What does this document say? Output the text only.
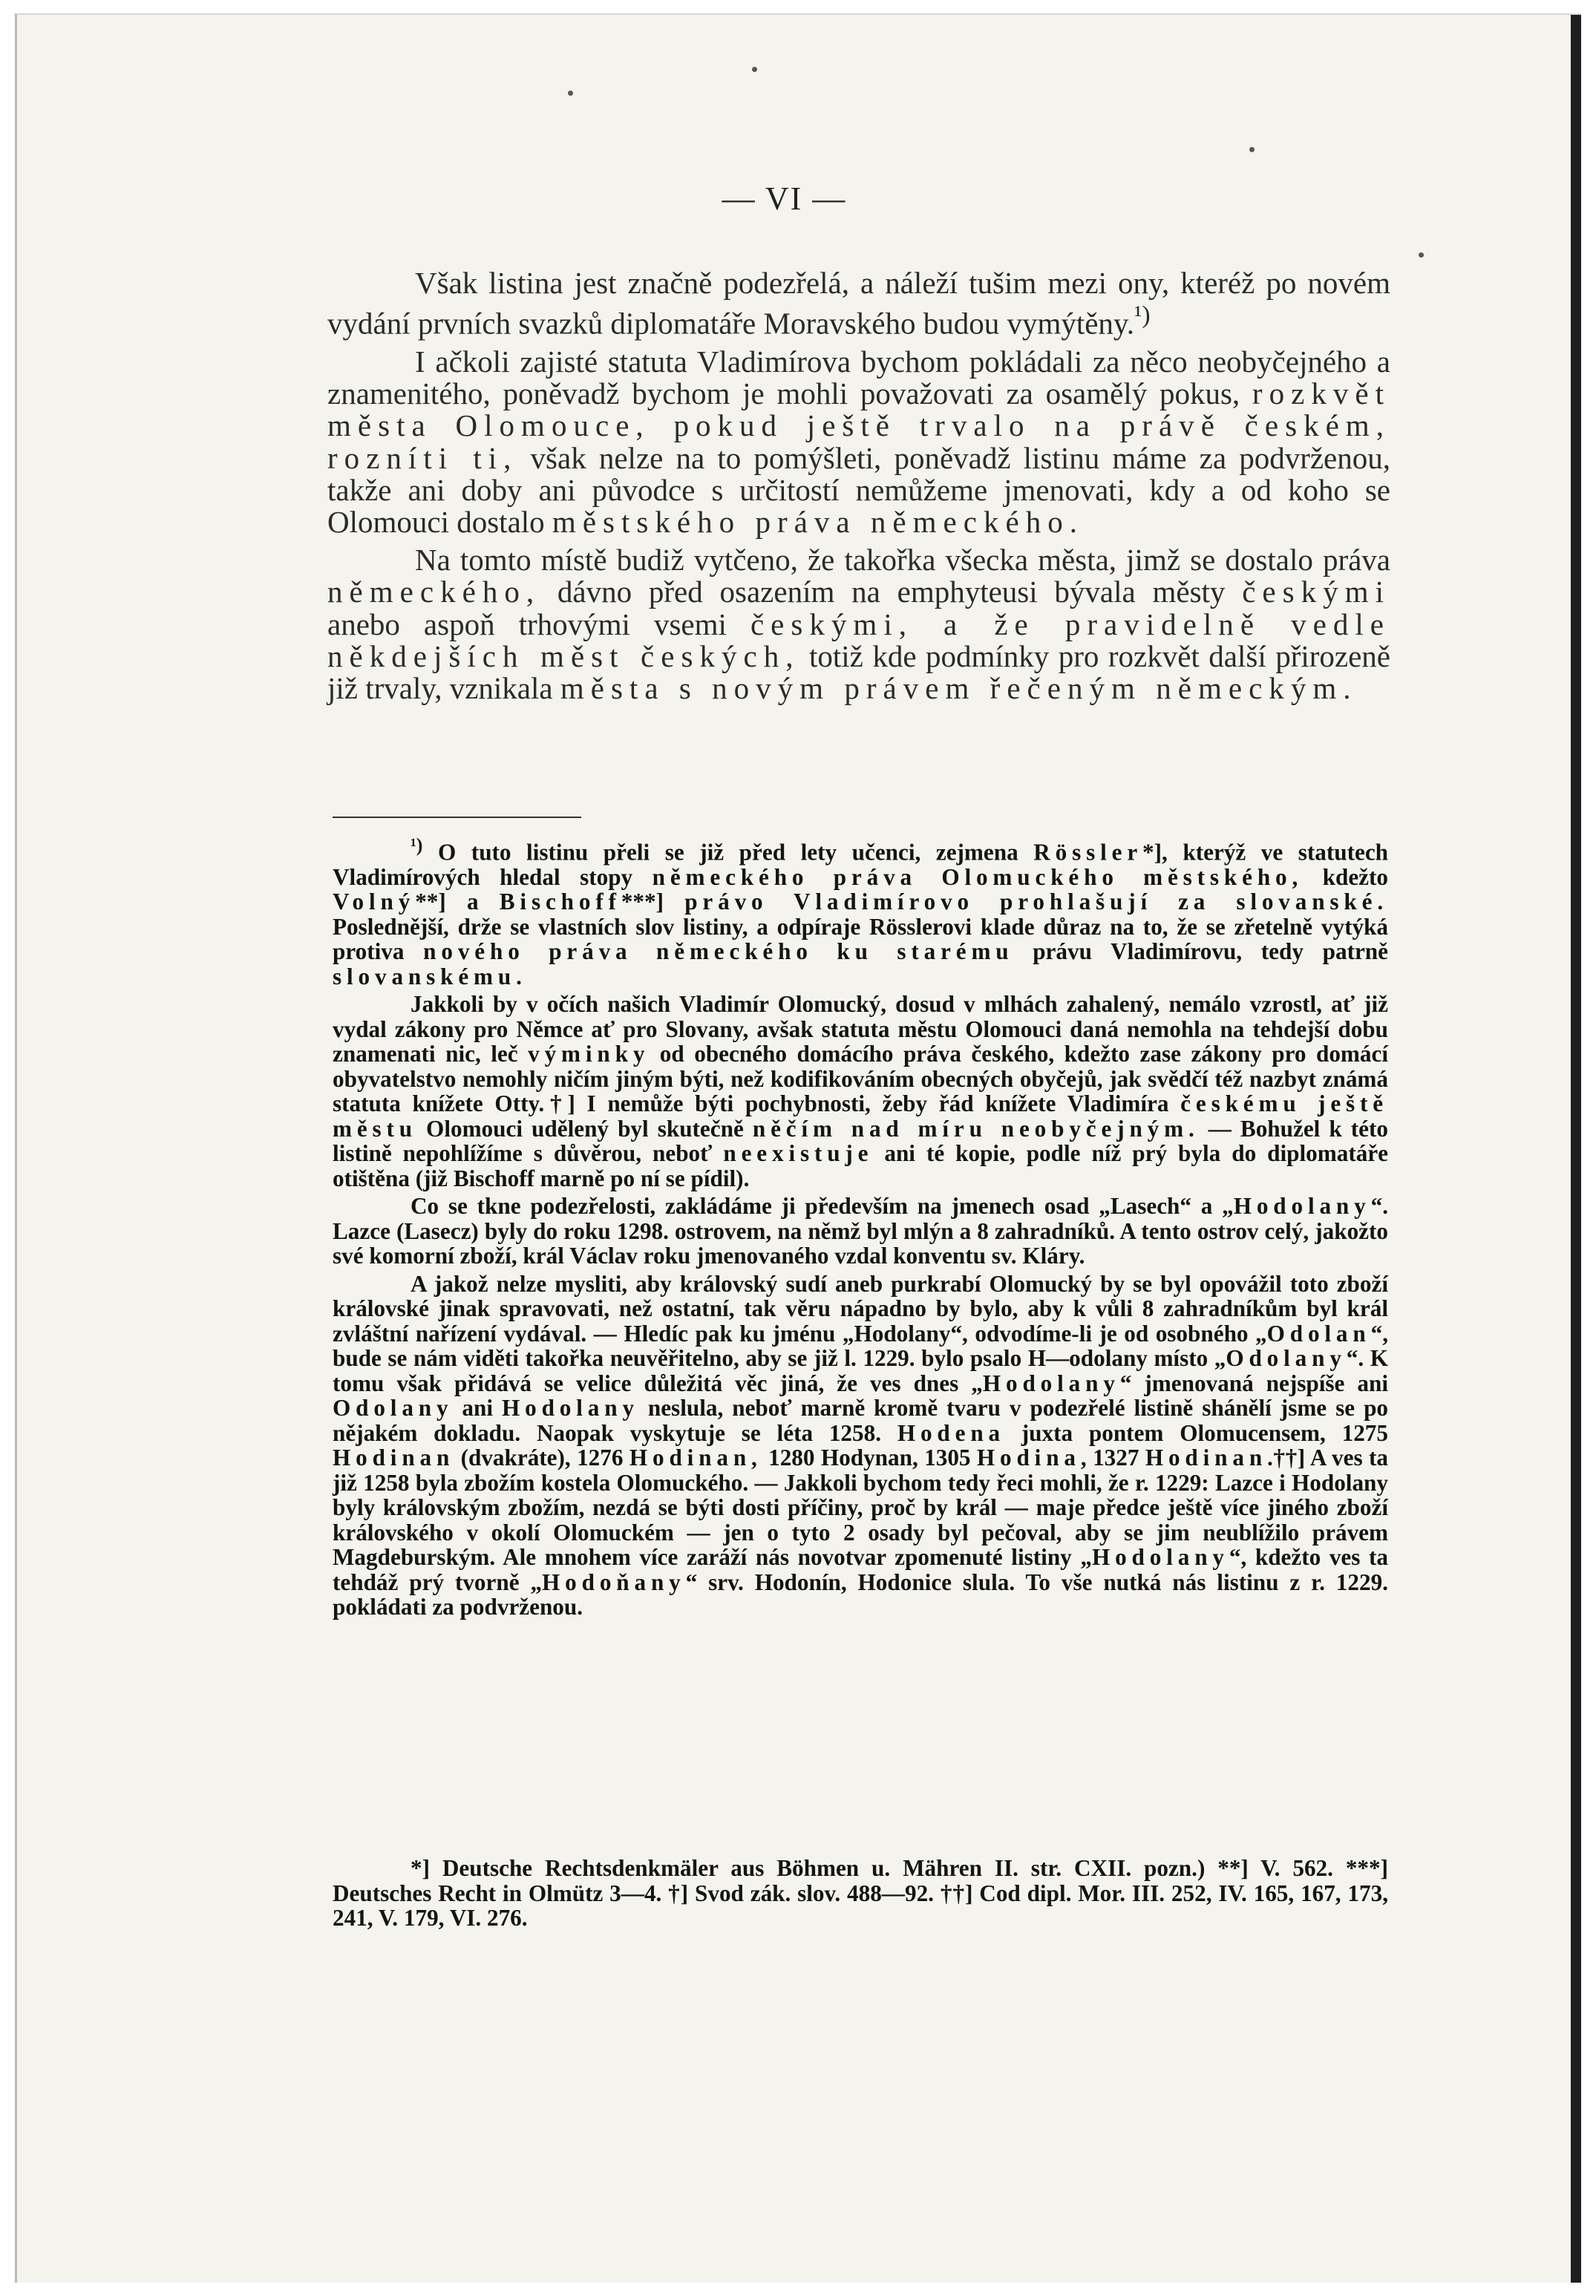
— VI —

Však listina jest značně podezřelá, a náleží tušim mezi ony, kteréž po novém vydání prvních svazků diplomatáře Moravského budou vymýtěny.$^{^1)}$

I ačkoli zajisté statuta Vladimírova bychom pokládali za něco neobyčejného a znamenitého, poněvadž bychom je mohli považovati za osamělý pokus, rozkvět města Olomouce, pokud ještě trvalo na právě českém, rozníti ti, však nelze na to pomýšleti, poněvadž listinu máme za podvrženou, takže ani doby ani původce s určitostí nemůžeme jmenovati, kdy a od koho se Olomouci dostalo městského práva německého.

Na tomto místě budiž vytčeno, že takořka všecka města, jimž se dostalo práva německého, dávno před osazením na emphyteusi bývala městy českými anebo aspoň trhovými vsemi českými, a že pravidelně vedle někdejších měst českých, totiž kde podmínky pro rozkvět další přirozeně již trvaly, vznikala města s novým právem řečeným německým.

$^{^1)}$ O tuto listinu přeli se již před lety učenci, zejmena Rössler*], kterýž ve statutech Vladimírových hledal stopy německého práva Olomuckého městského, kdežto Volný**] a Bischoff***] právo Vladimírovo prohlašují za slovanské. Poslednější, drže se vlastních slov listiny, a odpíraje Rösslerovi klade důraz na to, že se zřetelně vytýká protiva nového práva německého ku starému právu Vladimírovu, tedy patrně slovanskému.

Jakkoli by v očích našich Vladimír Olomucký, dosud v mlhách zahalený, nemálo vzrostl, ať již vydal zákony pro Němce ať pro Slovany, avšak statuta městu Olomouci daná nemohla na tehdejší dobu znamenati nic, leč výminky od obecného domácího práva českého, kdežto zase zákony pro domácí obyvatelstvo nemohly ničím jiným býti, než kodifikováním obecných obyčejů, jak svědčí též nazbyt známá statuta knížete Otty.†] I nemůže býti pochybnosti, žeby řád knížete Vladimíra českému ještě městu Olomouci udělený byl skutečně něčím nad míru neobyčejným. — Bohužel k této listině nepohlížíme s důvěrou, neboť neexistuje ani té kopie, podle níž prý byla do diplomatáře otištěna (již Bischoff marně po ní se pídil).

Co se tkne podezřelosti, zakládáme ji především na jmenech osad „Lasech“ a „Hodolany“. Lazce (Lasecz) byly do roku 1298. ostrovem, na němž byl mlýn a 8 zahradníků. A tento ostrov celý, jakožto své komorní zboží, král Václav roku jmenovaného vzdal konventu sv. Kláry.

A jakož nelze mysliti, aby královský sudí aneb purkrabí Olomucký by se byl opovážil toto zboží královské jinak spravovati, než ostatní, tak věru nápadno by bylo, aby k vůli 8 zahradníkům byl král zvláštní nařízení vydával. — Hledíc pak ku jménu „Hodolany“, odvodíme-li je od osobného „Odolan“, bude se nám viděti takořka neuvěřitelno, aby se již l. 1229. bylo psalo H—odolany místo „Odolany“. K tomu však přidává se velice důležitá věc jiná, že ves dnes „Hodolany“ jmenovaná nejspíše ani Odolany ani Hodolany neslula, neboť marně kromě tvaru v podezřelé listině shánělí jsme se po nějakém dokladu. Naopak vyskytuje se léta 1258. Hodena juxta pontem Olomucensem, 1275 Hodinan (dvakráte), 1276 Hodinan, 1280 Hodynan, 1305 Hodina, 1327 Hodinan.††] A ves ta již 1258 byla zbožím kostela Olomuckého. — Jakkoli bychom tedy řeci mohli, že r. 1229: Lazce i Hodolany byly královským zbožím, nezdá se býti dosti příčiny, proč by král — maje předce ještě více jiného zboží královského v okolí Olomuckém — jen o tyto 2 osady byl pečoval, aby se jim neublížilo právem Magdeburským. Ale mnohem více zaráží nás novotvar zpomenuté listiny „Hodolany“, kdežto ves ta tehdáž prý tvorně „Hodoňany“ srv. Hodonín, Hodonice slula. To vše nutká nás listinu z r. 1229. pokládati za podvrženou.

*] Deutsche Rechtsdenkmäler aus Böhmen u. Mähren II. str. CXII. pozn.) **] V. 562. ***] Deutsches Recht in Olmütz 3—4. †] Svod zák. slov. 488—92. ††] Cod dipl. Mor. III. 252, IV. 165, 167, 173, 241, V. 179, VI. 276.
